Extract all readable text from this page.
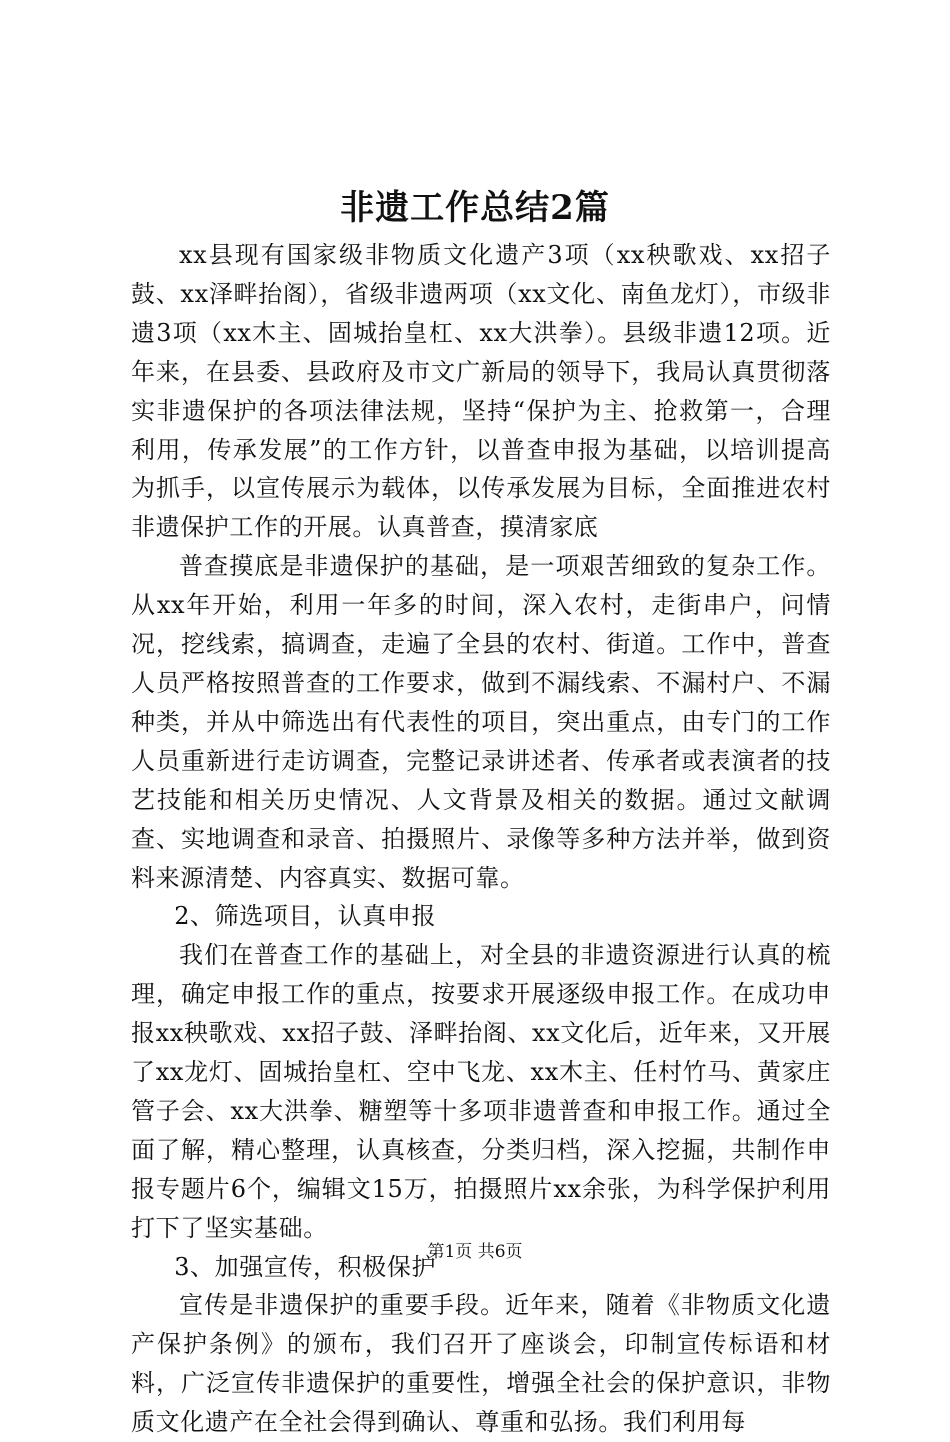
非遗工作总结2篇

xx县现有国家级非物质文化遗产3项（xx秧歌戏、xx招子鼓、xx泽畔抬阁），省级非遗两项（xx文化、南鱼龙灯），市级非遗3项（xx木主、固城抬皇杠、xx大洪拳）。县级非遗12项。近年来，在县委、县政府及市文广新局的领导下，我局认真贯彻落实非遗保护的各项法律法规，坚持“保护为主、抢救第一，合理利用，传承发展”的工作方针，以普查申报为基础，以培训提高为抓手，以宣传展示为载体，以传承发展为目标，全面推进农村非遗保护工作的开展。认真普查，摸清家底

普查摸底是非遗保护的基础，是一项艰苦细致的复杂工作。从xx年开始，利用一年多的时间，深入农村，走街串户，问情况，挖线索，搞调查，走遍了全县的农村、街道。工作中，普查人员严格按照普查的工作要求，做到不漏线索、不漏村户、不漏种类，并从中筛选出有代表性的项目，突出重点，由专门的工作人员重新进行走访调查，完整记录讲述者、传承者或表演者的技艺技能和相关历史情况、人文背景及相关的数据。通过文献调查、实地调查和录音、拍摄照片、录像等多种方法并举，做到资料来源清楚、内容真实、数据可靠。

2、筛选项目，认真申报

我们在普查工作的基础上，对全县的非遗资源进行认真的梳理，确定申报工作的重点，按要求开展逐级申报工作。在成功申报xx秧歌戏、xx招子鼓、泽畔抬阁、xx文化后，近年来，又开展了xx龙灯、固城抬皇杠、空中飞龙、xx木主、任村竹马、黄家庄管子会、xx大洪拳、糖塑等十多项非遗普查和申报工作。通过全面了解，精心整理，认真核查，分类归档，深入挖掘，共制作申报专题片6个，编辑文15万，拍摄照片xx余张，为科学保护利用打下了坚实基础。

3、加强宣传，积极保护

宣传是非遗保护的重要手段。近年来，随着《非物质文化遗产保护条例》的颁布，我们召开了座谈会，印制宣传标语和材料，广泛宣传非遗保护的重要性，增强全社会的保护意识，非物质文化遗产在全社会得到确认、尊重和弘扬。我们利用每

第1页 共6页
